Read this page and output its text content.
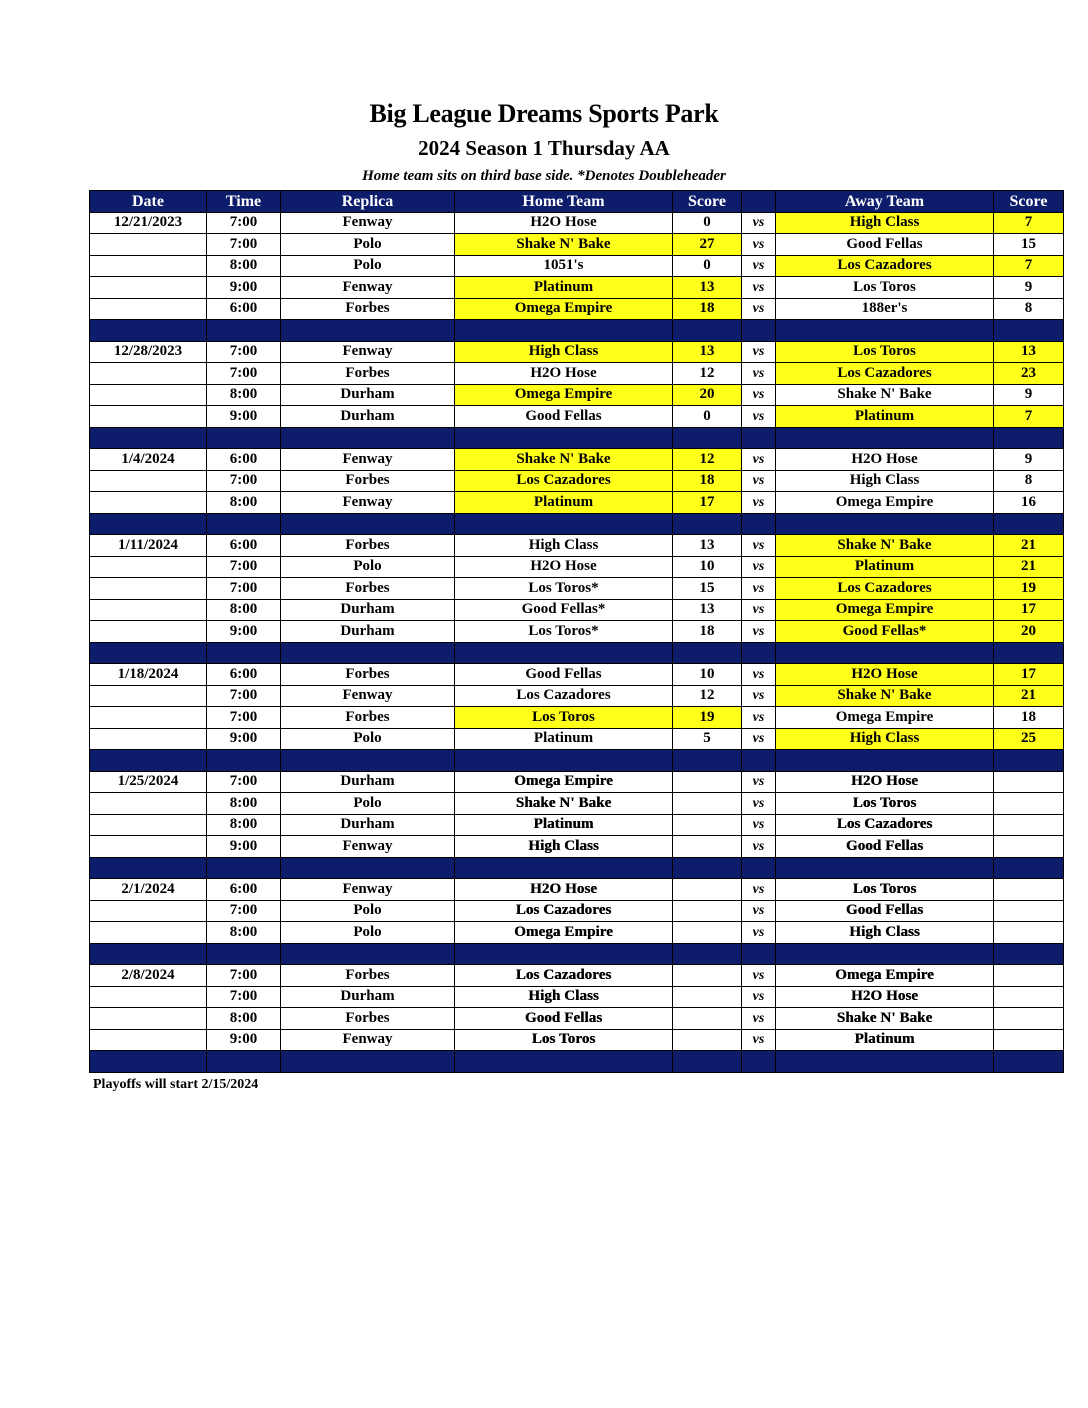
Big League Dreams Sports Park
2024 Season 1 Thursday AA
Home team sits on third base side. *Denotes Doubleheader
Date	Time	Replica	Home Team	Score		Away Team	Score
12/21/2023	7:00	Fenway	H2O Hose	0	vs	High Class	7
	7:00	Polo	Shake N' Bake	27	vs	Good Fellas	15
	8:00	Polo	1051's	0	vs	Los Cazadores	7
	9:00	Fenway	Platinum	13	vs	Los Toros	9
	6:00	Forbes	Omega Empire	18	vs	188er's	8

12/28/2023	7:00	Fenway	High Class	13	vs	Los Toros	13
	7:00	Forbes	H2O Hose	12	vs	Los Cazadores	23
	8:00	Durham	Omega Empire	20	vs	Shake N' Bake	9
	9:00	Durham	Good Fellas	0	vs	Platinum	7

1/4/2024	6:00	Fenway	Shake N' Bake	12	vs	H2O Hose	9
	7:00	Forbes	Los Cazadores	18	vs	High Class	8
	8:00	Fenway	Platinum	17	vs	Omega Empire	16

1/11/2024	6:00	Forbes	High Class	13	vs	Shake N' Bake	21
	7:00	Polo	H2O Hose	10	vs	Platinum	21
	7:00	Forbes	Los Toros*	15	vs	Los Cazadores	19
	8:00	Durham	Good Fellas*	13	vs	Omega Empire	17
	9:00	Durham	Los Toros*	18	vs	Good Fellas*	20

1/18/2024	6:00	Forbes	Good Fellas	10	vs	H2O Hose	17
	7:00	Fenway	Los Cazadores	12	vs	Shake N' Bake	21
	7:00	Forbes	Los Toros	19	vs	Omega Empire	18
	9:00	Polo	Platinum	5	vs	High Class	25

1/25/2024	7:00	Durham	Omega Empire		vs	H2O Hose	
	8:00	Polo	Shake N' Bake		vs	Los Toros	
	8:00	Durham	Platinum		vs	Los Cazadores	
	9:00	Fenway	High Class		vs	Good Fellas	

2/1/2024	6:00	Fenway	H2O Hose		vs	Los Toros	
	7:00	Polo	Los Cazadores		vs	Good Fellas	
	8:00	Polo	Omega Empire		vs	High Class	

2/8/2024	7:00	Forbes	Los Cazadores		vs	Omega Empire	
	7:00	Durham	High Class		vs	H2O Hose	
	8:00	Forbes	Good Fellas		vs	Shake N' Bake	
	9:00	Fenway	Los Toros		vs	Platinum	

Playoffs will start 2/15/2024
